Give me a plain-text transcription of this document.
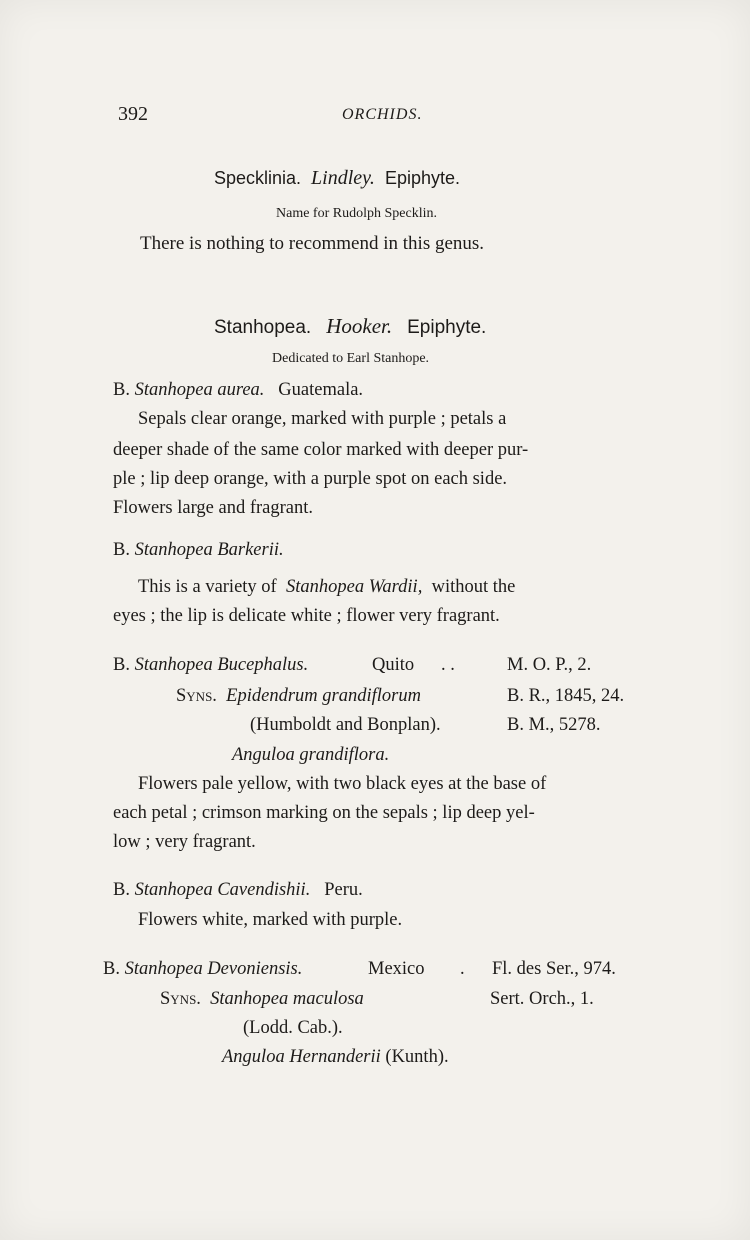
392	ORCHIDS.
Specklinia. Lindley. Epiphyte.
Name for Rudolph Specklin.
There is nothing to recommend in this genus.
Stanhopea. Hooker. Epiphyte.
Dedicated to Earl Stanhope.
B. Stanhopea aurea. Guatemala.
Sepals clear orange, marked with purple ; petals a
deeper shade of the same color marked with deeper pur-
ple ; lip deep orange, with a purple spot on each side.
Flowers large and fragrant.
B. Stanhopea Barkerii.
This is a variety of Stanhopea Wardii, without the
eyes ; the lip is delicate white ; flower very fragrant.
B. Stanhopea Bucephalus.	Quito . .	M. O. P., 2.
Syns. Epidendrum grandiflorum	B. R., 1845, 24.
(Humboldt and Bonplan).	B. M., 5278.
Anguloa grandiflora.
Flowers pale yellow, with two black eyes at the base of
each petal ; crimson marking on the sepals ; lip deep yel-
low ; very fragrant.
B. Stanhopea Cavendishii. Peru.
Flowers white, marked with purple.
B. Stanhopea Devoniensis.	Mexico . Fl. des Ser., 974.
Syns. Stanhopea maculosa	Sert. Orch., 1.
(Lodd. Cab.).
Anguloa Hernanderii (Kunth).
